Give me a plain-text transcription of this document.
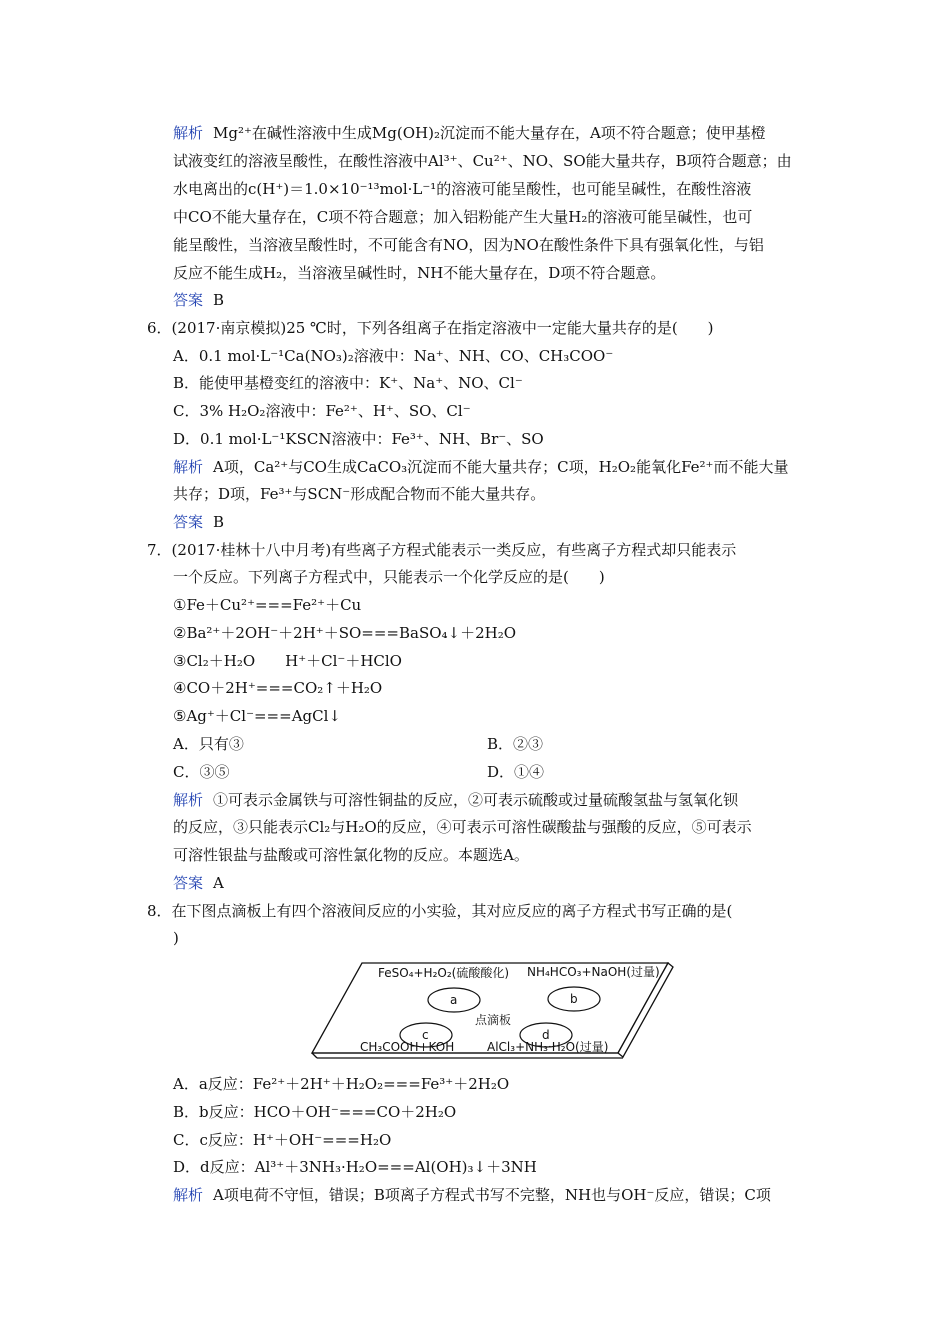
解析 Mg²⁺在碱性溶液中生成Mg(OH)₂沉淀而不能大量存在，A项不符合题意；使甲基橙
试液变红的溶液呈酸性，在酸性溶液中Al³⁺、Cu²⁺、NO、SO能大量共存，B项符合题意；由
水电离出的c(H⁺)＝1.0×10⁻¹³mol·L⁻¹的溶液可能呈酸性，也可能呈碱性，在酸性溶液
中CO不能大量存在，C项不符合题意；加入铝粉能产生大量H₂的溶液可能呈碱性，也可
能呈酸性，当溶液呈酸性时，不可能含有NO，因为NO在酸性条件下具有强氧化性，与铝
反应不能生成H₂，当溶液呈碱性时，NH不能大量存在，D项不符合题意。
答案 B
6．(2017·南京模拟)25 ℃时，下列各组离子在指定溶液中一定能大量共存的是(　　)
A．0.1 mol·L⁻¹Ca(NO₃)₂溶液中：Na⁺、NH、CO、CH₃COO⁻
B．能使甲基橙变红的溶液中：K⁺、Na⁺、NO、Cl⁻
C．3% H₂O₂溶液中：Fe²⁺、H⁺、SO、Cl⁻
D．0.1 mol·L⁻¹KSCN溶液中：Fe³⁺、NH、Br⁻、SO
解析 A项，Ca²⁺与CO生成CaCO₃沉淀而不能大量共存；C项，H₂O₂能氧化Fe²⁺而不能大量
共存；D项，Fe³⁺与SCN⁻形成配合物而不能大量共存。
答案 B
7．(2017·桂林十八中月考)有些离子方程式能表示一类反应，有些离子方程式却只能表示
一个反应。下列离子方程式中，只能表示一个化学反应的是(　　)
①Fe＋Cu²⁺===Fe²⁺＋Cu
②Ba²⁺＋2OH⁻＋2H⁺＋SO===BaSO₄↓＋2H₂O
③Cl₂＋H₂O　　H⁺＋Cl⁻＋HClO
④CO＋2H⁺===CO₂↑＋H₂O
⑤Ag⁺＋Cl⁻===AgCl↓
A．只有③	B．②③
C．③⑤	D．①④
解析 ①可表示金属铁与可溶性铜盐的反应，②可表示硫酸或过量硫酸氢盐与氢氧化钡
的反应，③只能表示Cl₂与H₂O的反应，④可表示可溶性碳酸盐与强酸的反应，⑤可表示
可溶性银盐与盐酸或可溶性氯化物的反应。本题选A。
答案 A
8．在下图点滴板上有四个溶液间反应的小实验，其对应反应的离子方程式书写正确的是(
)
FeSO₄+H₂O₂(硫酸酸化) NH₄HCO₃+NaOH(过量)
点滴板
CH₃COOH+KOH	AlCl₃+NH₃·H₂O(过量)
a	b
c	d
A．a反应：Fe²⁺＋2H⁺＋H₂O₂===Fe³⁺＋2H₂O
B．b反应：HCO＋OH⁻===CO＋2H₂O
C．c反应：H⁺＋OH⁻===H₂O
D．d反应：Al³⁺＋3NH₃·H₂O===Al(OH)₃↓＋3NH
解析 A项电荷不守恒，错误；B项离子方程式书写不完整，NH也与OH⁻反应，错误；C项
